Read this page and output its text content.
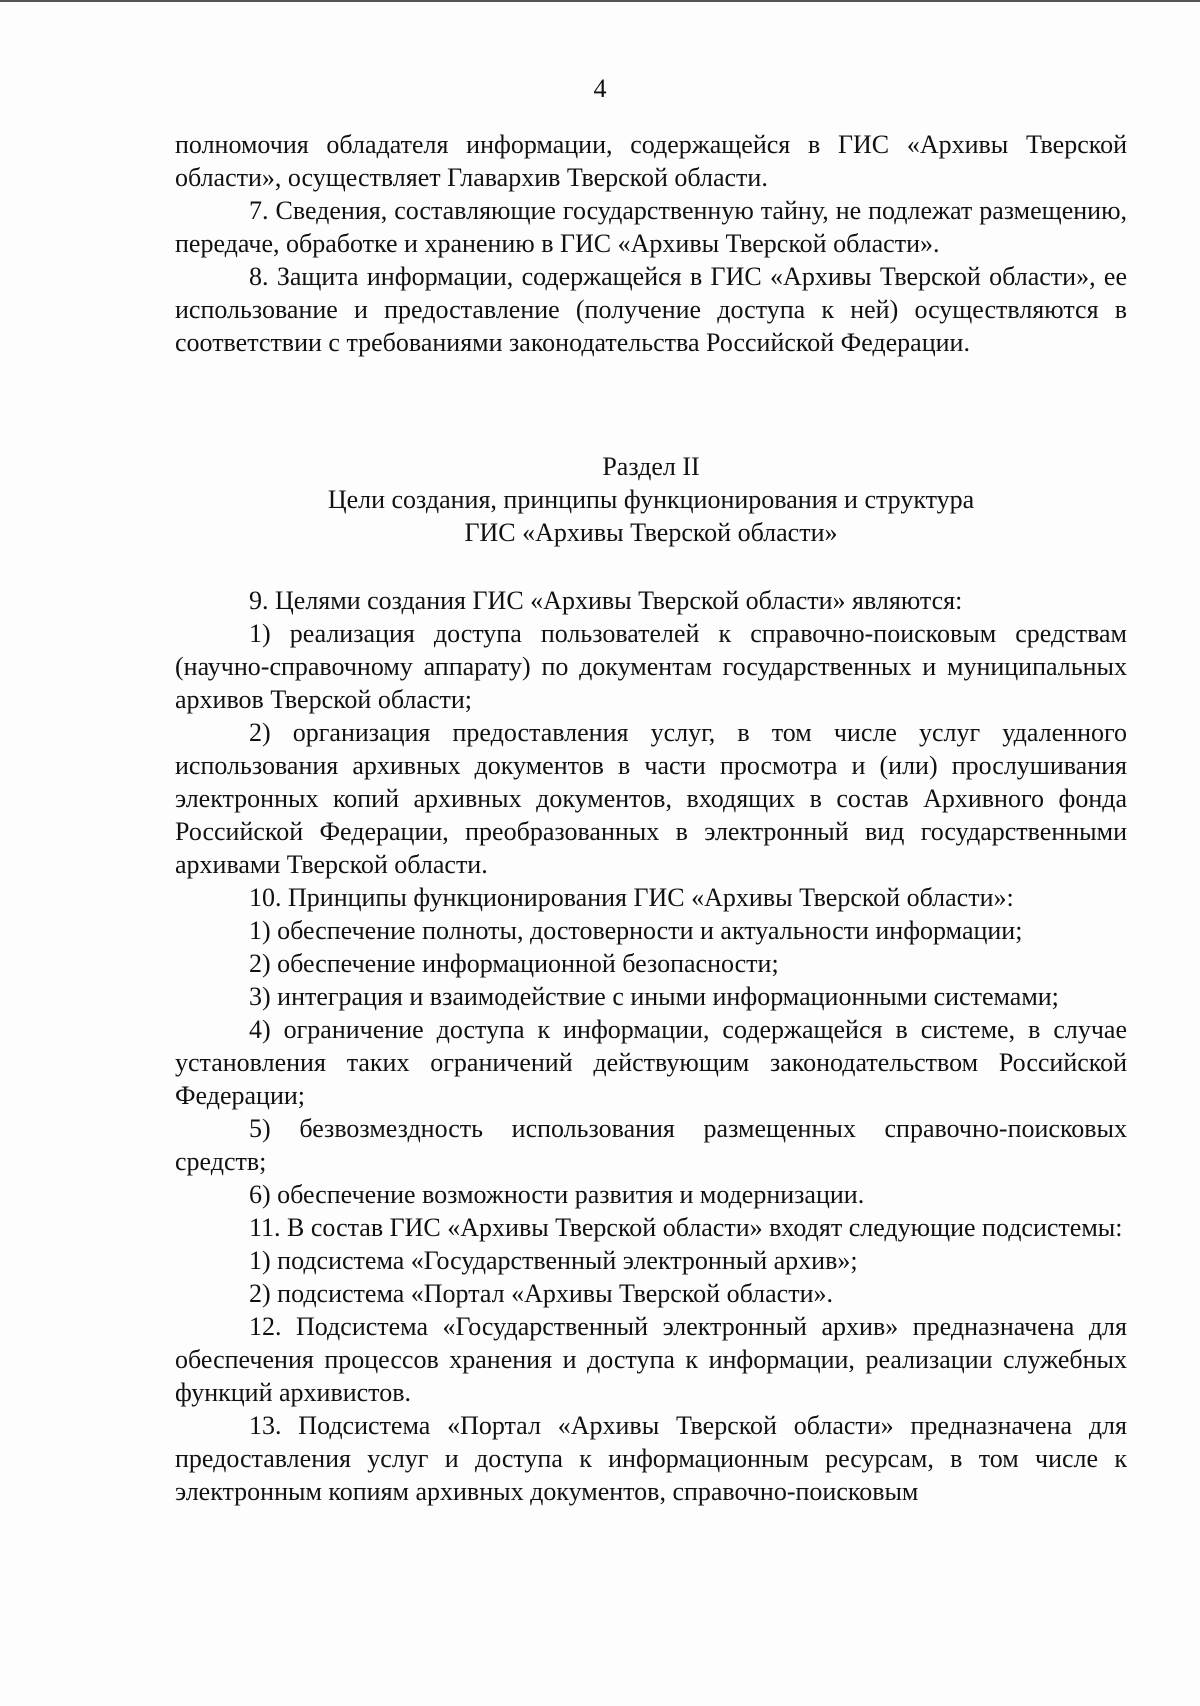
4

полномочия обладателя информации, содержащейся в ГИС «Архивы Тверской области», осуществляет Главархив Тверской области.

7. Сведения, составляющие государственную тайну, не подлежат размещению, передаче, обработке и хранению в ГИС «Архивы Тверской области».

8. Защита информации, содержащейся в ГИС «Архивы Тверской области», ее использование и предоставление (получение доступа к ней) осуществляются в соответствии с требованиями законодательства Российской Федерации.

Раздел II

Цели создания, принципы функционирования и структура

ГИС «Архивы Тверской области»

9. Целями создания ГИС «Архивы Тверской области» являются:

1) реализация доступа пользователей к справочно-поисковым средствам (научно-справочному аппарату) по документам государственных и муниципальных архивов Тверской области;

2) организация предоставления услуг, в том числе услуг удаленного использования архивных документов в части просмотра и (или) прослушивания электронных копий архивных документов, входящих в состав Архивного фонда Российской Федерации, преобразованных в электронный вид государственными архивами Тверской области.

10. Принципы функционирования ГИС «Архивы Тверской области»:

1) обеспечение полноты, достоверности и актуальности информации;

2) обеспечение информационной безопасности;

3) интеграция и взаимодействие с иными информационными системами;

4) ограничение доступа к информации, содержащейся в системе, в случае установления таких ограничений действующим законодательством Российской Федерации;

5) безвозмездность использования размещенных справочно-поисковых средств;

6) обеспечение возможности развития и модернизации.

11. В состав ГИС «Архивы Тверской области» входят следующие подсистемы:

1) подсистема «Государственный электронный архив»;

2) подсистема «Портал «Архивы Тверской области».

12. Подсистема «Государственный электронный архив» предназначена для обеспечения процессов хранения и доступа к информации, реализации служебных функций архивистов.

13. Подсистема «Портал «Архивы Тверской области» предназначена для предоставления услуг и доступа к информационным ресурсам, в том числе к электронным копиям архивных документов, справочно-поисковым
